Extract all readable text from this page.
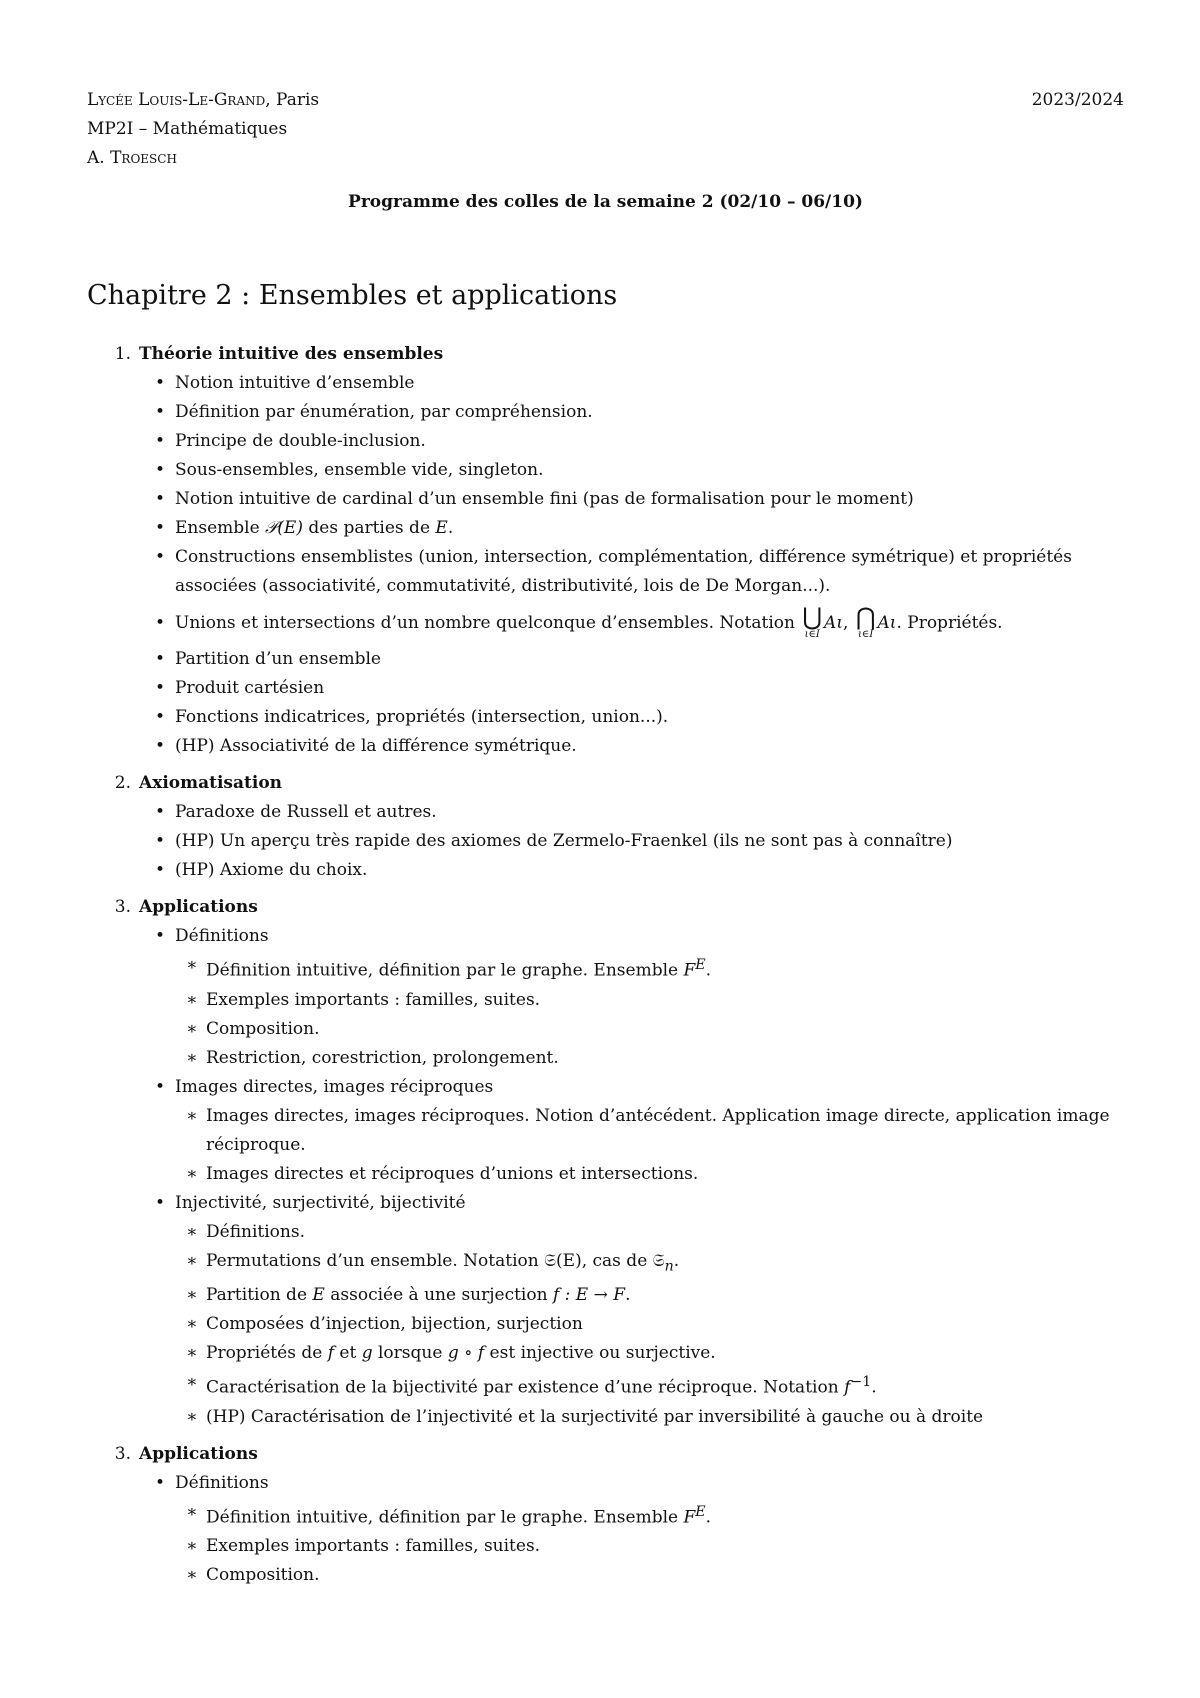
Lycée Louis-Le-Grand, Paris	2023/2024
MP2I – Mathématiques
A. Troesch
Programme des colles de la semaine 2 (02/10 – 06/10)
Chapitre 2 : Ensembles et applications
1. Théorie intuitive des ensembles
• Notion intuitive d’ensemble
• Définition par énumération, par compréhension.
• Principe de double-inclusion.
• Sous-ensembles, ensemble vide, singleton.
• Notion intuitive de cardinal d’un ensemble fini (pas de formalisation pour le moment)
• Ensemble 𝒫(E) des parties de E.
• Constructions ensemblistes (union, intersection, complémentation, différence symétrique) et propriétés associées (associativité, commutativité, distributivité, lois de De Morgan...).
• Unions et intersections d’un nombre quelconque d’ensembles. Notation ⋃
ι∈I
Aι, ⋂
ι∈I
Aι. Propriétés.
• Partition d’un ensemble
• Produit cartésien
• Fonctions indicatrices, propriétés (intersection, union...).
• (HP) Associativité de la différence symétrique.
2. Axiomatisation
• Paradoxe de Russell et autres.
• (HP) Un aperçu très rapide des axiomes de Zermelo-Fraenkel (ils ne sont pas à connaître)
• (HP) Axiome du choix.
3. Applications
• Définitions
∗ Définition intuitive, définition par le graphe. Ensemble $F^E$.
∗ Exemples importants : familles, suites.
∗ Composition.
∗ Restriction, corestriction, prolongement.
• Images directes, images réciproques
∗ Images directes, images réciproques. Notion d’antécédent. Application image directe, application image réciproque.
∗ Images directes et réciproques d’unions et intersections.
• Injectivité, surjectivité, bijectivité
∗ Définitions.
∗ Permutations d’un ensemble. Notation 𝔖(E), cas de 𝔖$_n$.
∗ Partition de E associée à une surjection f : E → F.
∗ Composées d’injection, bijection, surjection
∗ Propriétés de f et g lorsque g ∘ f est injective ou surjective.
∗ Caractérisation de la bijectivité par existence d’une réciproque. Notation $f^{-1}$.
∗ (HP) Caractérisation de l’injectivité et la surjectivité par inversibilité à gauche ou à droite
3. Applications
• Définitions
∗ Définition intuitive, définition par le graphe. Ensemble $F^E$.
∗ Exemples importants : familles, suites.
∗ Composition.
